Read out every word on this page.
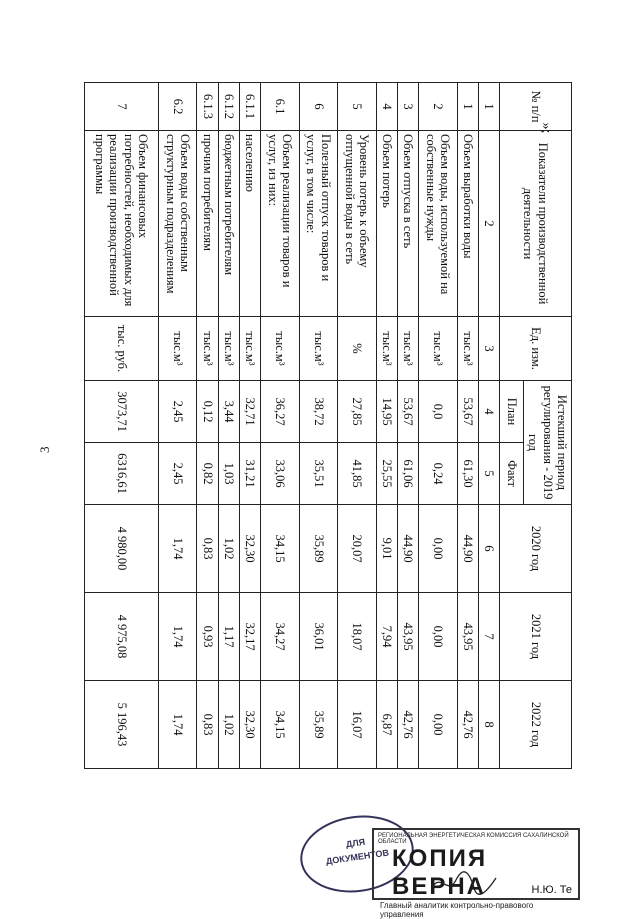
3
№ п/п	Показатели производственной деятельности	Ед. изм.	Истекший период регулирования - 2019 год		2020 год	2021 год	2022 год
			План	Факт			
1	2	3	4	5	6	7	8
1	Объем выработки воды	тыс.м³	53,67	61,30	44,90	43,95	42,76
2	Объем воды, используемой на собственные нужды	тыс.м³	0,0	0,24	0,00	0,00	0,00
3	Объем отпуска в сеть	тыс.м³	53,67	61,06	44,90	43,95	42,76
4	Объем потерь	тыс.м³	14,95	25,55	9,01	7,94	6,87
5	Уровень потерь к объему отпущенной воды в сеть	%	27,85	41,85	20,07	18,07	16,07
6	Полезный отпуск товаров и услуг, в том числе:	тыс.м³	38,72	35,51	35,89	36,01	35,89
6.1	Объем реализации товаров и услуг, из них:	тыс.м³	36,27	33,06	34,15	34,27	34,15
6.1.1	населению	тыс.м³	32,71	31,21	32,30	32,17	32,30
6.1.2	бюджетным потребителям	тыс.м³	3,44	1,03	1,02	1,17	1,02
6.1.3	прочим потребителям	тыс.м³	0,12	0,82	0,83	0,93	0,83
6.2	Объем воды собственным структурным подразделениям	тыс.м³	2,45	2,45	1,74	1,74	1,74
7	Объем финансовых потребностей, необходимых для реализации производственной программы	тыс. руб.	3073,71	6316,61	4 980,00	4 975,08	5 196,43
»;
ДЛЯ
ДОКУМЕНТОВ
РЕГИОНАЛЬНАЯ ЭНЕРГЕТИЧЕСКАЯ КОМИССИЯ САХАЛИНСКОЙ ОБЛАСТИ
КОПИЯ ВЕРНА
Главный аналитик контрольно-правового управления
Н.Ю. Те
